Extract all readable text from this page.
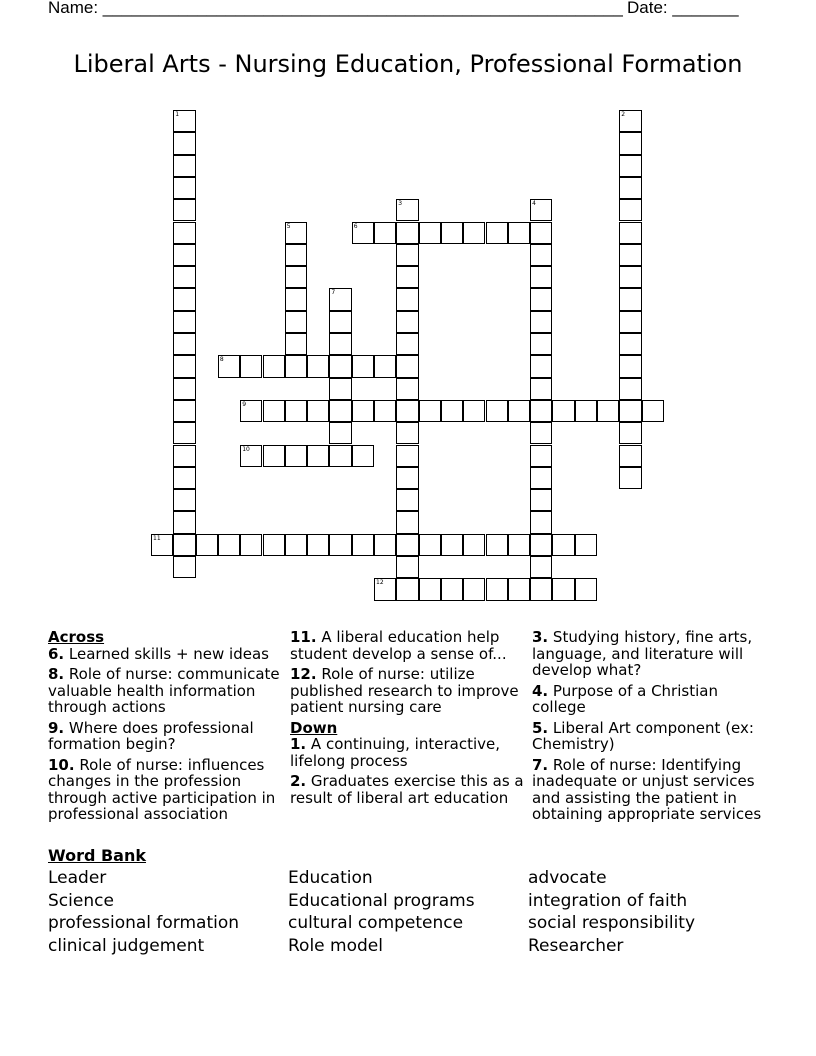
Name: _______________________________________________________ Date: _______
Liberal Arts - Nursing Education, Professional Formation
1	2
3	4
5	6
7
8
9
10
11
12
Across
6. Learned skills + new ideas
8. Role of nurse: communicate valuable health information through actions
9. Where does professional formation begin?
10. Role of nurse: influences changes in the profession through active participation in professional association
11. A liberal education help student develop a sense of...
12. Role of nurse: utilize published research to improve patient nursing care
Down
1. A continuing, interactive, lifelong process
2. Graduates exercise this as a result of liberal art education
3. Studying history, fine arts, language, and literature will develop what?
4. Purpose of a Christian college
5. Liberal Art component (ex: Chemistry)
7. Role of nurse: Identifying inadequate or unjust services and assisting the patient in obtaining appropriate services
Word Bank
Leader
Science
professional formation
clinical judgement
Education
Educational programs
cultural competence
Role model
advocate
integration of faith
social responsibility
Researcher
